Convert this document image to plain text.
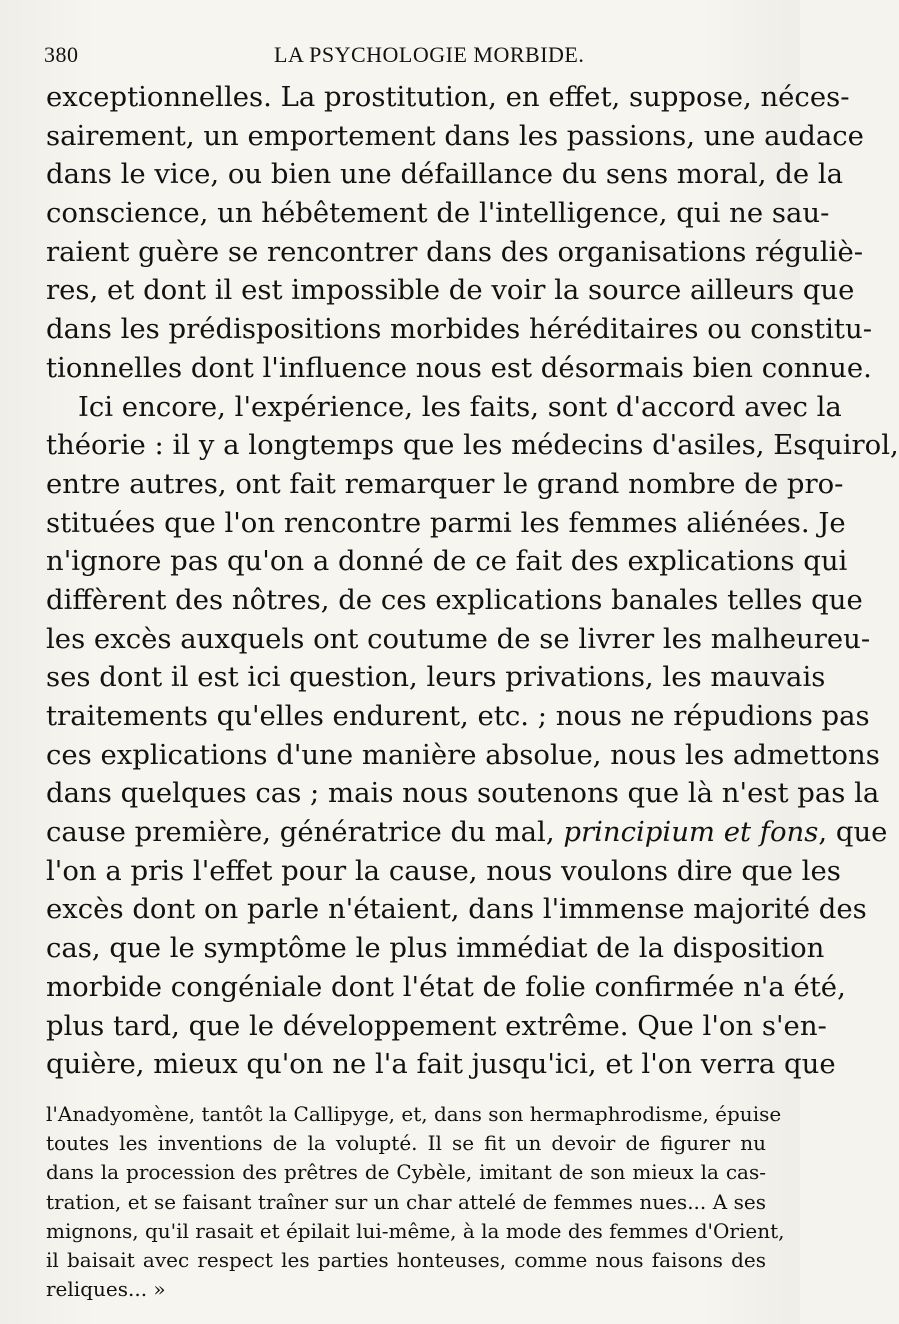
380	LA PSYCHOLOGIE MORBIDE.
exceptionnelles. La prostitution, en effet, suppose, néces-
sairement, un emportement dans les passions, une audace
dans le vice, ou bien une défaillance du sens moral, de la
conscience, un hébêtement de l'intelligence, qui ne sau-
raient guère se rencontrer dans des organisations réguliè-
res, et dont il est impossible de voir la source ailleurs que
dans les prédispositions morbides héréditaires ou constitu-
tionnelles dont l'influence nous est désormais bien connue.
Ici encore, l'expérience, les faits, sont d'accord avec la
théorie : il y a longtemps que les médecins d'asiles, Esquirol,
entre autres, ont fait remarquer le grand nombre de pro-
stituées que l'on rencontre parmi les femmes aliénées. Je
n'ignore pas qu'on a donné de ce fait des explications qui
diffèrent des nôtres, de ces explications banales telles que
les excès auxquels ont coutume de se livrer les malheureu-
ses dont il est ici question, leurs privations, les mauvais
traitements qu'elles endurent, etc. ; nous ne répudions pas
ces explications d'une manière absolue, nous les admettons
dans quelques cas ; mais nous soutenons que là n'est pas la
cause première, génératrice du mal, principium et fons, que
l'on a pris l'effet pour la cause, nous voulons dire que les
excès dont on parle n'étaient, dans l'immense majorité des
cas, que le symptôme le plus immédiat de la disposition
morbide congéniale dont l'état de folie confirmée n'a été,
plus tard, que le développement extrême. Que l'on s'en-
quière, mieux qu'on ne l'a fait jusqu'ici, et l'on verra que
l'Anadyomène, tantôt la Callipyge, et, dans son hermaphrodisme, épuise
toutes les inventions de la volupté. Il se fit un devoir de figurer nu
dans la procession des prêtres de Cybèle, imitant de son mieux la cas-
tration, et se faisant traîner sur un char attelé de femmes nues... A ses
mignons, qu'il rasait et épilait lui-même, à la mode des femmes d'Orient,
il baisait avec respect les parties honteuses, comme nous faisons des
reliques... »
